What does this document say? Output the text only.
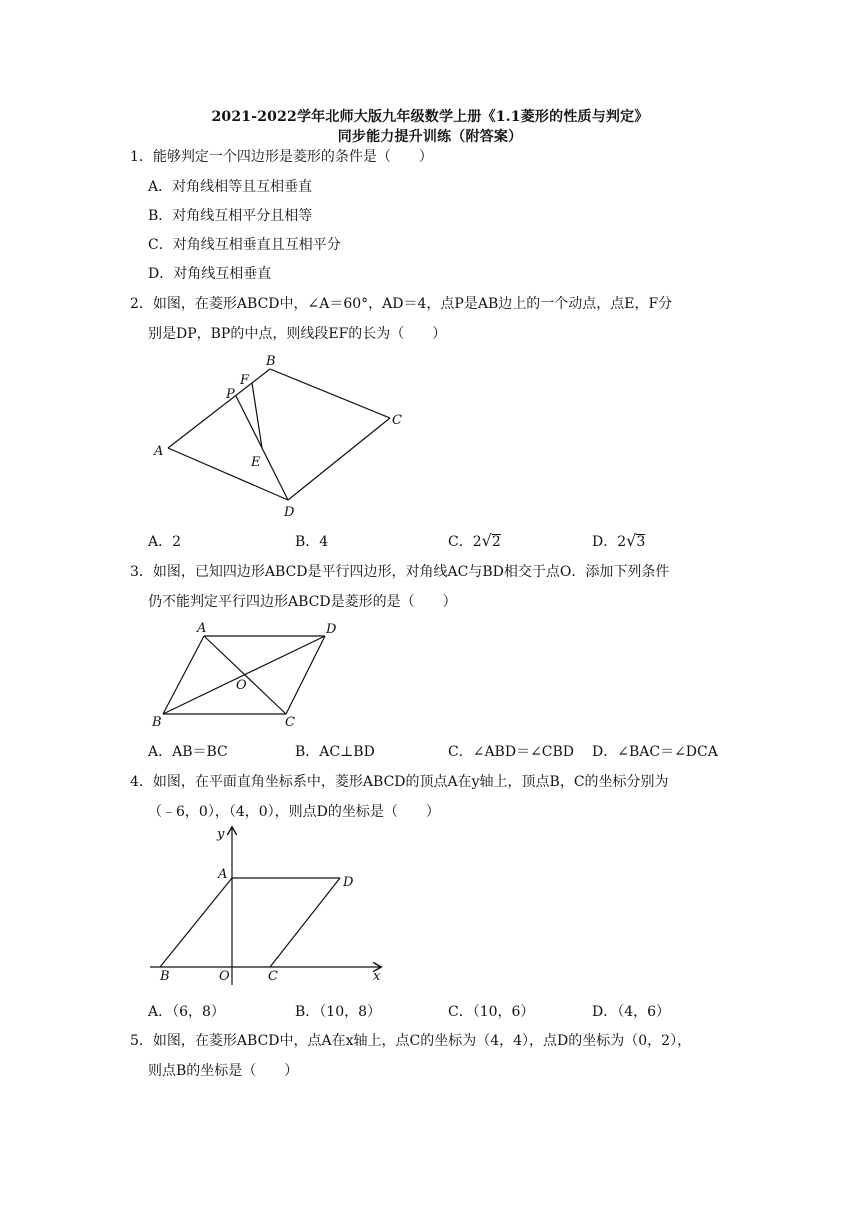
2021-2022学年北师大版九年级数学上册《1.1菱形的性质与判定》
同步能力提升训练（附答案）
1．能够判定一个四边形是菱形的条件是（　　）
A．对角线相等且互相垂直
B．对角线互相平分且相等
C．对角线互相垂直且互相平分
D．对角线互相垂直
2．如图，在菱形ABCD中，∠A＝60°，AD＝4，点P是AB边上的一个动点，点E，F分
别是DP，BP的中点，则线段EF的长为（　　）
A
B
C
D
P
F
E
A．2	B．4	C．2√
2	D．2√
3
3．如图，已知四边形ABCD是平行四边形，对角线AC与BD相交于点O．添加下列条件
仍不能判定平行四边形ABCD是菱形的是（　　）
A	D
O
B	C
A．AB＝BC	B．AC⊥BD	C．∠ABD＝∠CBD D．∠BAC＝∠DCA
4．如图，在平面直角坐标系中，菱形ABCD的顶点A在y轴上，顶点B，C的坐标分别为
（﹣6，0），（4，0），则点D的坐标是（　　）
y
A
D
B	O	C	x
A．（6，8）	B．（10，8）	C．（10，6）	D．（4，6）
5．如图，在菱形ABCD中，点A在x轴上，点C的坐标为（4，4），点D的坐标为（0，2），
则点B的坐标是（　　）
